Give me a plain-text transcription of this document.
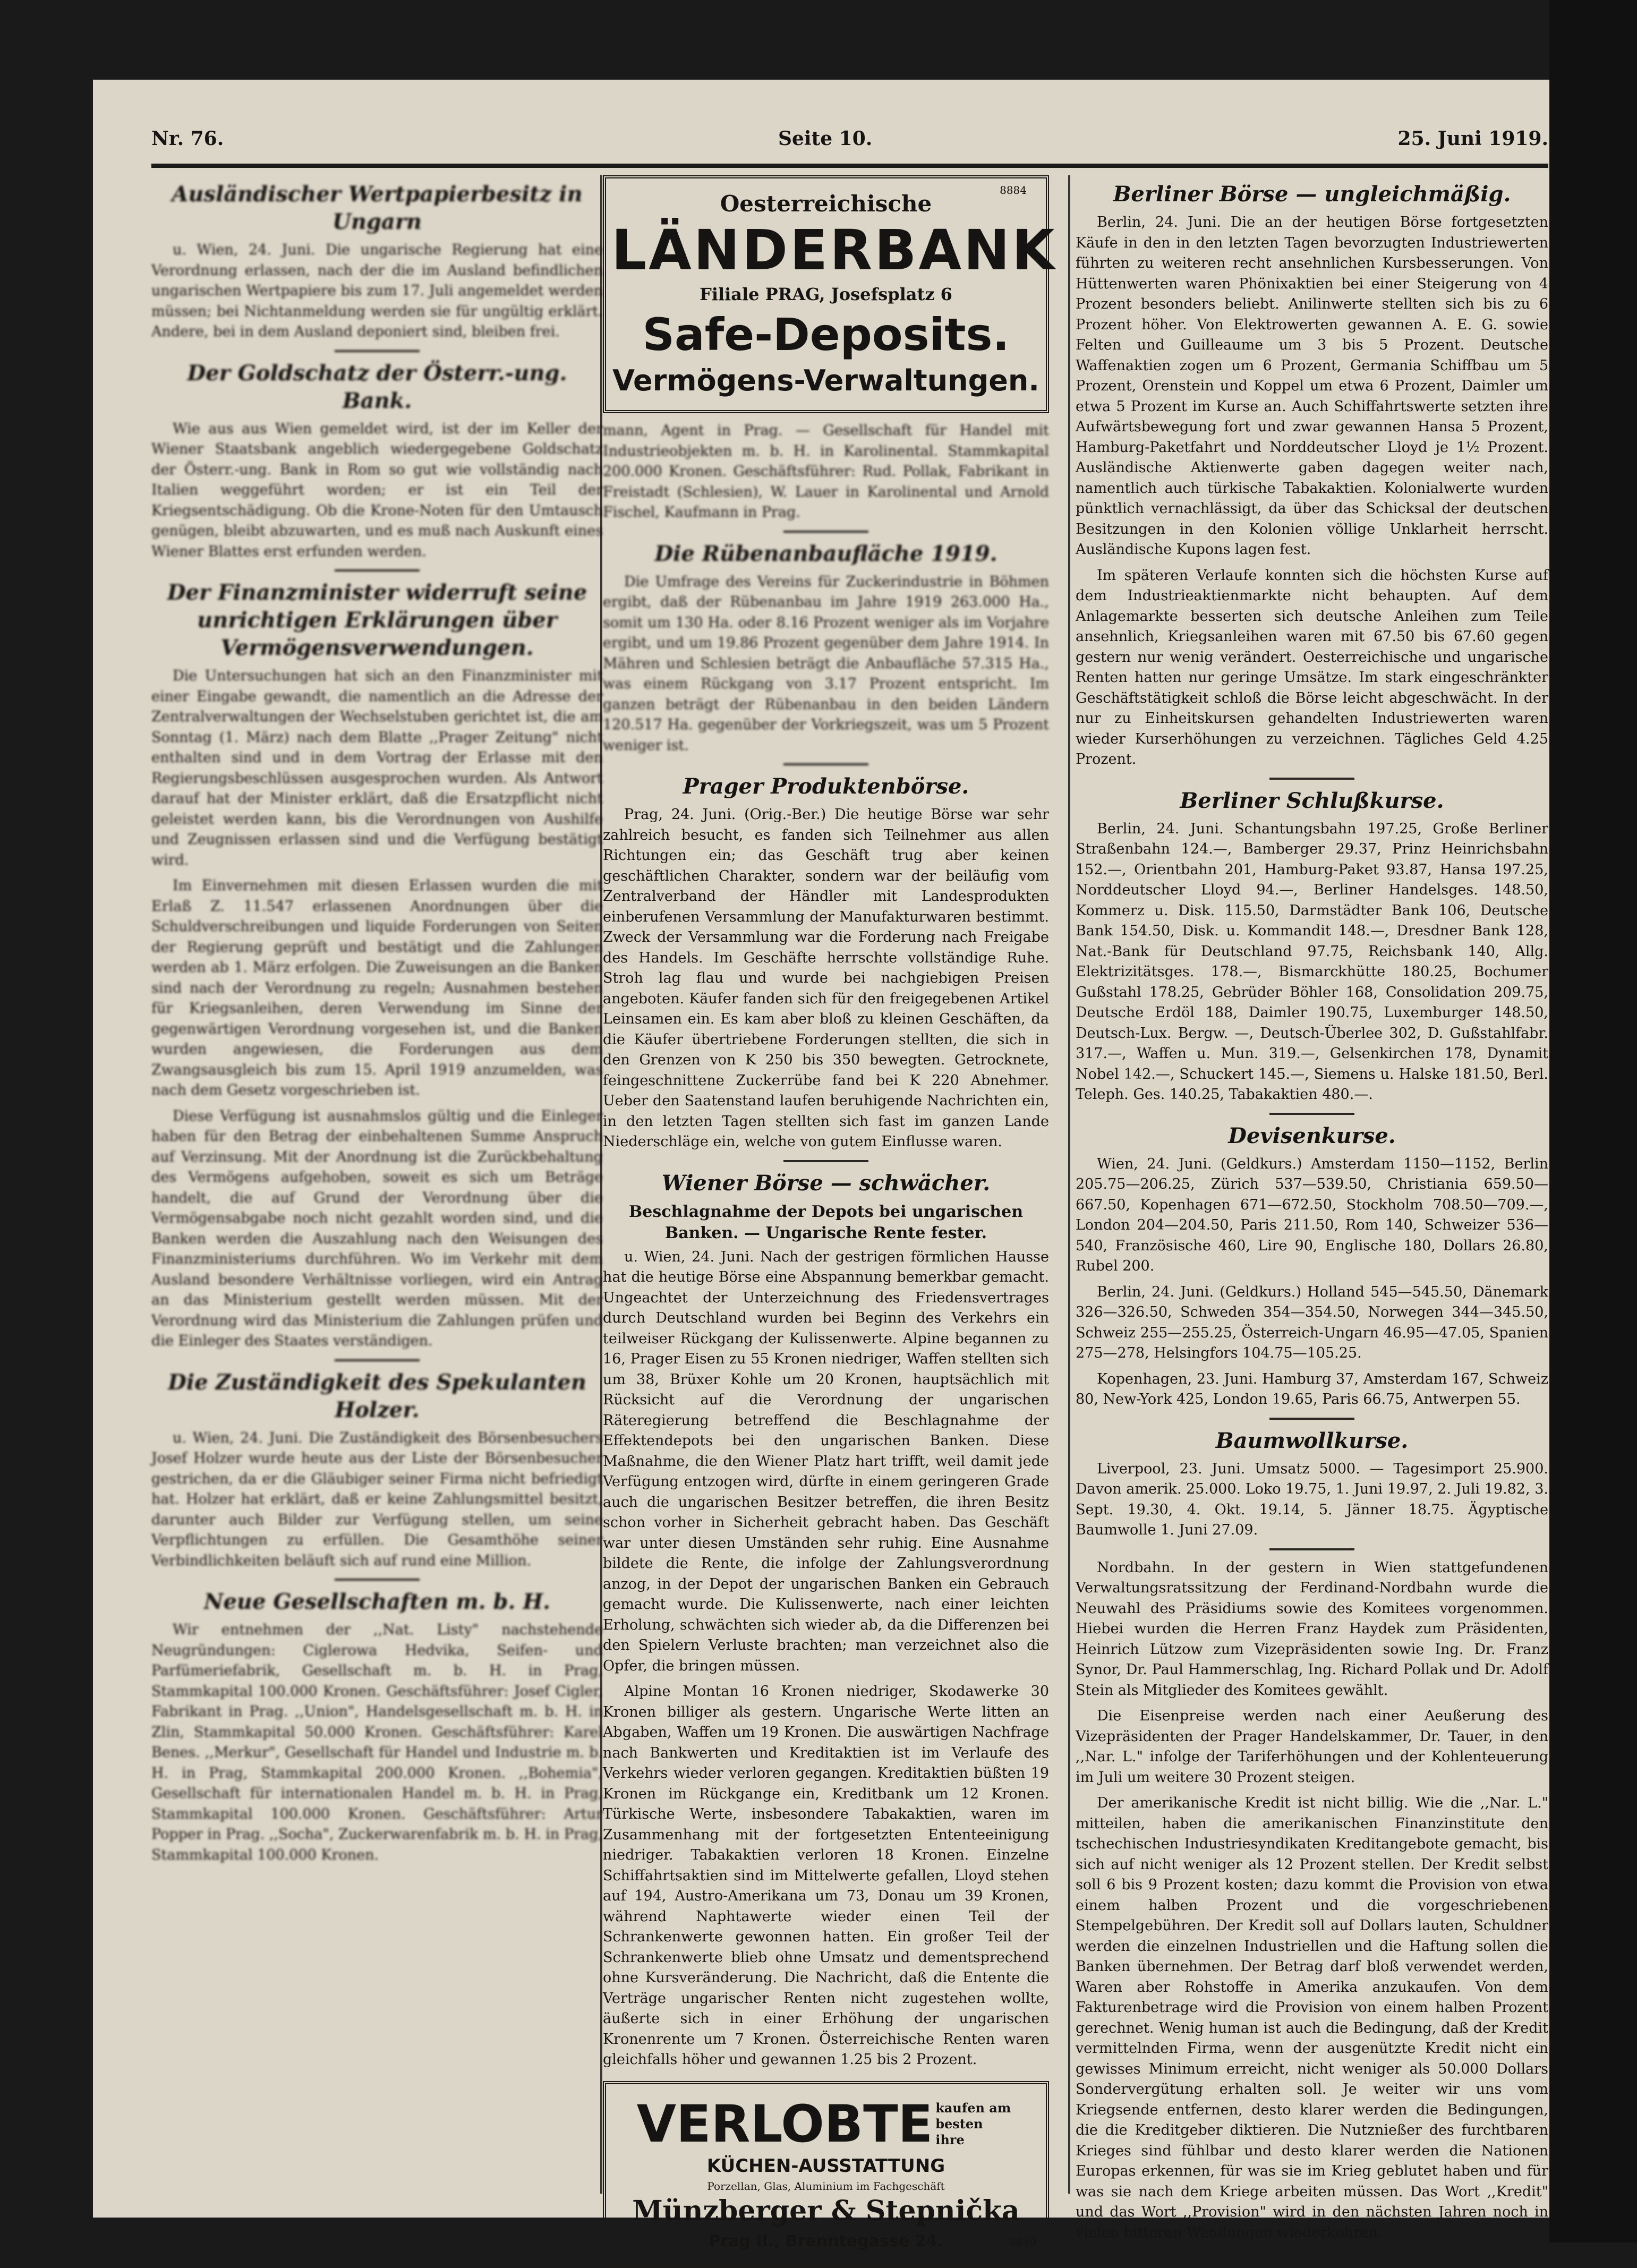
Nr. 76.	Seite 10.	25. Juni 1919.
Ausländischer Wertpapierbesitz in Ungarn

u. Wien, 24. Juni. Die ungarische Regierung hat eine Verordnung erlassen, nach der die im Ausland befindlichen ungarischen Wertpapiere bis zum 17. Juli angemeldet werden müssen; bei Nichtanmeldung werden sie für ungültig erklärt. Andere, bei in dem Ausland deponiert sind, bleiben frei.

Der Goldschatz der Österr.-ung. Bank.

Wie aus aus Wien gemeldet wird, ist der im Keller der Wiener Staatsbank angeblich wiedergegebene Goldschatz der Österr.-ung. Bank in Rom so gut wie vollständig nach Italien weggeführt worden; er ist ein Teil der Kriegsentschädigung. Ob die Krone-Noten für den Umtausch genügen, bleibt abzuwarten, und es muß nach Auskunft eines Wiener Blattes erst erfunden werden.

Der Finanzminister widerruft seine unrichtigen Erklärungen über Vermögensverwendungen.

Die Untersuchungen hat sich an den Finanzminister mit einer Eingabe gewandt, die namentlich an die Adresse der Zentralverwaltungen der Wechselstuben gerichtet ist, die am Sonntag (1. März) nach dem Blatte ,,Prager Zeitung" nicht enthalten sind und in dem Vortrag der Erlasse mit den Regierungsbeschlüssen ausgesprochen wurden. Als Antwort darauf hat der Minister erklärt, daß die Ersatzpflicht nicht geleistet werden kann, bis die Verordnungen von Aushilfe und Zeugnissen erlassen sind und die Verfügung bestätigt wird.

Im Einvernehmen mit diesen Erlassen wurden die mit Erlaß Z. 11.547 erlassenen Anordnungen über die Schuldverschreibungen und liquide Forderungen von Seiten der Regierung geprüft und bestätigt und die Zahlungen werden ab 1. März erfolgen. Die Zuweisungen an die Banken sind nach der Verordnung zu regeln; Ausnahmen bestehen für Kriegsanleihen, deren Verwendung im Sinne der gegenwärtigen Verordnung vorgesehen ist, und die Banken wurden angewiesen, die Forderungen aus dem Zwangsausgleich bis zum 15. April 1919 anzumelden, was nach dem Gesetz vorgeschrieben ist.

Diese Verfügung ist ausnahmslos gültig und die Einleger haben für den Betrag der einbehaltenen Summe Anspruch auf Verzinsung. Mit der Anordnung ist die Zurückbehaltung des Vermögens aufgehoben, soweit es sich um Beträge handelt, die auf Grund der Verordnung über die Vermögensabgabe noch nicht gezahlt worden sind, und die Banken werden die Auszahlung nach den Weisungen des Finanzministeriums durchführen. Wo im Verkehr mit dem Ausland besondere Verhältnisse vorliegen, wird ein Antrag an das Ministerium gestellt werden müssen. Mit der Verordnung wird das Ministerium die Zahlungen prüfen und die Einleger des Staates verständigen.

Die Zuständigkeit des Spekulanten Holzer.

u. Wien, 24. Juni. Die Zuständigkeit des Börsenbesuchers Josef Holzer wurde heute aus der Liste der Börsenbesucher gestrichen, da er die Gläubiger seiner Firma nicht befriedigt hat. Holzer hat erklärt, daß er keine Zahlungsmittel besitzt, darunter auch Bilder zur Verfügung stellen, um seine Verpflichtungen zu erfüllen. Die Gesamthöhe seiner Verbindlichkeiten beläuft sich auf rund eine Million.

Neue Gesellschaften m. b. H.

Wir entnehmen der ,,Nat. Listy" nachstehende Neugründungen: Ciglerowa Hedvika, Seifen- und Parfümeriefabrik, Gesellschaft m. b. H. in Prag, Stammkapital 100.000 Kronen. Geschäftsführer: Josef Cigler, Fabrikant in Prag. ,,Union", Handelsgesellschaft m. b. H. in Zlin, Stammkapital 50.000 Kronen. Geschäftsführer: Karel Benes. ,,Merkur", Gesellschaft für Handel und Industrie m. b. H. in Prag, Stammkapital 200.000 Kronen. ,,Bohemia", Gesellschaft für internationalen Handel m. b. H. in Prag, Stammkapital 100.000 Kronen. Geschäftsführer: Artur Popper in Prag. ,,Socha", Zuckerwarenfabrik m. b. H. in Prag, Stammkapital 100.000 Kronen.

8884
Oesterreichische
LÄNDERBANK
Filiale PRAG, Josefsplatz 6
Safe-Deposits.
Vermögens-Verwaltungen.

mann, Agent in Prag. — Gesellschaft für Handel mit Industrieobjekten m. b. H. in Karolinental. Stammkapital 200.000 Kronen. Geschäftsführer: Rud. Pollak, Fabrikant in Freistadt (Schlesien), W. Lauer in Karolinental und Arnold Fischel, Kaufmann in Prag.

Die Rübenanbaufläche 1919.

Die Umfrage des Vereins für Zuckerindustrie in Böhmen ergibt, daß der Rübenanbau im Jahre 1919 263.000 Ha., somit um 130 Ha. oder 8.16 Prozent weniger als im Vorjahre ergibt, und um 19.86 Prozent gegenüber dem Jahre 1914. In Mähren und Schlesien beträgt die Anbaufläche 57.315 Ha., was einem Rückgang von 3.17 Prozent entspricht. Im ganzen beträgt der Rübenanbau in den beiden Ländern 120.517 Ha. gegenüber der Vorkriegszeit, was um 5 Prozent weniger ist.

Prager Produktenbörse.

Prag, 24. Juni. (Orig.-Ber.) Die heutige Börse war sehr zahlreich besucht, es fanden sich Teilnehmer aus allen Richtungen ein; das Geschäft trug aber keinen geschäftlichen Charakter, sondern war der beiläufig vom Zentralverband der Händler mit Landesprodukten einberufenen Versammlung der Manufakturwaren bestimmt. Zweck der Versammlung war die Forderung nach Freigabe des Handels. Im Geschäfte herrschte vollständige Ruhe. Stroh lag flau und wurde bei nachgiebigen Preisen angeboten. Käufer fanden sich für den freigegebenen Artikel Leinsamen ein. Es kam aber bloß zu kleinen Geschäften, da die Käufer übertriebene Forderungen stellten, die sich in den Grenzen von K 250 bis 350 bewegten. Getrocknete, feingeschnittene Zuckerrübe fand bei K 220 Abnehmer. Ueber den Saatenstand laufen beruhigende Nachrichten ein, in den letzten Tagen stellten sich fast im ganzen Lande Niederschläge ein, welche von gutem Einflusse waren.

Wiener Börse — schwächer.
Beschlagnahme der Depots bei ungarischen Banken. — Ungarische Rente fester.

u. Wien, 24. Juni. Nach der gestrigen förmlichen Hausse hat die heutige Börse eine Abspannung bemerkbar gemacht. Ungeachtet der Unterzeichnung des Friedensvertrages durch Deutschland wurden bei Beginn des Verkehrs ein teilweiser Rückgang der Kulissenwerte. Alpine begannen zu 16, Prager Eisen zu 55 Kronen niedriger, Waffen stellten sich um 38, Brüxer Kohle um 20 Kronen, hauptsächlich mit Rücksicht auf die Verordnung der ungarischen Räteregierung betreffend die Beschlagnahme der Effektendepots bei den ungarischen Banken. Diese Maßnahme, die den Wiener Platz hart trifft, weil damit jede Verfügung entzogen wird, dürfte in einem geringeren Grade auch die ungarischen Besitzer betreffen, die ihren Besitz schon vorher in Sicherheit gebracht haben. Das Geschäft war unter diesen Umständen sehr ruhig. Eine Ausnahme bildete die Rente, die infolge der Zahlungsverordnung anzog, in der Depot der ungarischen Banken ein Gebrauch gemacht wurde. Die Kulissenwerte, nach einer leichten Erholung, schwächten sich wieder ab, da die Differenzen bei den Spielern Verluste brachten; man verzeichnet also die Opfer, die bringen müssen.

Alpine Montan 16 Kronen niedriger, Skodawerke 30 Kronen billiger als gestern. Ungarische Werte litten an Abgaben, Waffen um 19 Kronen. Die auswärtigen Nachfrage nach Bankwerten und Kreditaktien ist im Verlaufe des Verkehrs wieder verloren gegangen. Kreditaktien büßten 19 Kronen im Rückgange ein, Kreditbank um 12 Kronen. Türkische Werte, insbesondere Tabakaktien, waren im Zusammenhang mit der fortgesetzten Ententeeinigung niedriger. Tabakaktien verloren 18 Kronen. Einzelne Schiffahrtsaktien sind im Mittelwerte gefallen, Lloyd stehen auf 194, Austro-Amerikana um 73, Donau um 39 Kronen, während Naphtawerte wieder einen Teil der Schrankenwerte gewonnen hatten. Ein großer Teil der Schrankenwerte blieb ohne Umsatz und dementsprechend ohne Kursveränderung. Die Nachricht, daß die Entente die Verträge ungarischer Renten nicht zugestehen wollte, äußerte sich in einer Erhöhung der ungarischen Kronenrente um 7 Kronen. Österreichische Renten waren gleichfalls höher und gewannen 1.25 bis 2 Prozent.

VERLOBTE kaufen am besten ihre
KÜCHEN-AUSSTATTUNG
Porzellan, Glas, Aluminium im Fachgeschäft
Münzberger & Stepnička
Prag II., Brenntegasse 24.	8849
Berliner Börse — ungleichmäßig.

Berlin, 24. Juni. Die an der heutigen Börse fortgesetzten Käufe in den in den letzten Tagen bevorzugten Industriewerten führten zu weiteren recht ansehnlichen Kursbesserungen. Von Hüttenwerten waren Phönixaktien bei einer Steigerung von 4 Prozent besonders beliebt. Anilinwerte stellten sich bis zu 6 Prozent höher. Von Elektrowerten gewannen A. E. G. sowie Felten und Guilleaume um 3 bis 5 Prozent. Deutsche Waffenaktien zogen um 6 Prozent, Germania Schiffbau um 5 Prozent, Orenstein und Koppel um etwa 6 Prozent, Daimler um etwa 5 Prozent im Kurse an. Auch Schiffahrtswerte setzten ihre Aufwärtsbewegung fort und zwar gewannen Hansa 5 Prozent, Hamburg-Paketfahrt und Norddeutscher Lloyd je 1½ Prozent. Ausländische Aktienwerte gaben dagegen weiter nach, namentlich auch türkische Tabakaktien. Kolonialwerte wurden pünktlich vernachlässigt, da über das Schicksal der deutschen Besitzungen in den Kolonien völlige Unklarheit herrscht. Ausländische Kupons lagen fest.

Im späteren Verlaufe konnten sich die höchsten Kurse auf dem Industrieaktienmarkte nicht behaupten. Auf dem Anlagemarkte besserten sich deutsche Anleihen zum Teile ansehnlich, Kriegsanleihen waren mit 67.50 bis 67.60 gegen gestern nur wenig verändert. Oesterreichische und ungarische Renten hatten nur geringe Umsätze. Im stark eingeschränkter Geschäftstätigkeit schloß die Börse leicht abgeschwächt. In der nur zu Einheitskursen gehandelten Industriewerten waren wieder Kurserhöhungen zu verzeichnen. Tägliches Geld 4.25 Prozent.

Berliner Schlußkurse.

Berlin, 24. Juni. Schantungsbahn 197.25, Große Berliner Straßenbahn 124.—, Bamberger 29.37, Prinz Heinrichsbahn 152.—, Orientbahn 201, Hamburg-Paket 93.87, Hansa 197.25, Norddeutscher Lloyd 94.—, Berliner Handelsges. 148.50, Kommerz u. Disk. 115.50, Darmstädter Bank 106, Deutsche Bank 154.50, Disk. u. Kommandit 148.—, Dresdner Bank 128, Nat.-Bank für Deutschland 97.75, Reichsbank 140, Allg. Elektrizitätsges. 178.—, Bismarckhütte 180.25, Bochumer Gußstahl 178.25, Gebrüder Böhler 168, Consolidation 209.75, Deutsche Erdöl 188, Daimler 190.75, Luxemburger 148.50, Deutsch-Lux. Bergw. —, Deutsch-Überlee 302, D. Gußstahlfabr. 317.—, Waffen u. Mun. 319.—, Gelsenkirchen 178, Dynamit Nobel 142.—, Schuckert 145.—, Siemens u. Halske 181.50, Berl. Teleph. Ges. 140.25, Tabakaktien 480.—.

Devisenkurse.

Wien, 24. Juni. (Geldkurs.) Amsterdam 1150—1152, Berlin 205.75—206.25, Zürich 537—539.50, Christiania 659.50—667.50, Kopenhagen 671—672.50, Stockholm 708.50—709.—, London 204—204.50, Paris 211.50, Rom 140, Schweizer 536—540, Französische 460, Lire 90, Englische 180, Dollars 26.80, Rubel 200.

Berlin, 24. Juni. (Geldkurs.) Holland 545—545.50, Dänemark 326—326.50, Schweden 354—354.50, Norwegen 344—345.50, Schweiz 255—255.25, Österreich-Ungarn 46.95—47.05, Spanien 275—278, Helsingfors 104.75—105.25.

Kopenhagen, 23. Juni. Hamburg 37, Amsterdam 167, Schweiz 80, New-York 425, London 19.65, Paris 66.75, Antwerpen 55.

Baumwollkurse.

Liverpool, 23. Juni. Umsatz 5000. — Tagesimport 25.900. Davon amerik. 25.000. Loko 19.75, 1. Juni 19.97, 2. Juli 19.82, 3. Sept. 19.30, 4. Okt. 19.14, 5. Jänner 18.75. Ägyptische Baumwolle 1. Juni 27.09.

Nordbahn. In der gestern in Wien stattgefundenen Verwaltungsratssitzung der Ferdinand-Nordbahn wurde die Neuwahl des Präsidiums sowie des Komitees vorgenommen. Hiebei wurden die Herren Franz Haydek zum Präsidenten, Heinrich Lützow zum Vizepräsidenten sowie Ing. Dr. Franz Synor, Dr. Paul Hammerschlag, Ing. Richard Pollak und Dr. Adolf Stein als Mitglieder des Komitees gewählt.

Die Eisenpreise werden nach einer Aeußerung des Vizepräsidenten der Prager Handelskammer, Dr. Tauer, in den ,,Nar. L." infolge der Tariferhöhungen und der Kohlenteuerung im Juli um weitere 30 Prozent steigen.

Der amerikanische Kredit ist nicht billig. Wie die ,,Nar. L." mitteilen, haben die amerikanischen Finanzinstitute den tschechischen Industriesyndikaten Kreditangebote gemacht, bis sich auf nicht weniger als 12 Prozent stellen. Der Kredit selbst soll 6 bis 9 Prozent kosten; dazu kommt die Provision von etwa einem halben Prozent und die vorgeschriebenen Stempelgebühren. Der Kredit soll auf Dollars lauten, Schuldner werden die einzelnen Industriellen und die Haftung sollen die Banken übernehmen. Der Betrag darf bloß verwendet werden, Waren aber Rohstoffe in Amerika anzukaufen. Von dem Fakturenbetrage wird die Provision von einem halben Prozent gerechnet. Wenig human ist auch die Bedingung, daß der Kredit vermittelnden Firma, wenn der ausgenützte Kredit nicht ein gewisses Minimum erreicht, nicht weniger als 50.000 Dollars Sondervergütung erhalten soll. Je weiter wir uns vom Kriegsende entfernen, desto klarer werden die Bedingungen, die die Kreditgeber diktieren. Die Nutznießer des furchtbaren Krieges sind fühlbar und desto klarer werden die Nationen Europas erkennen, für was sie im Krieg geblutet haben und für was sie nach dem Kriege arbeiten müssen. Das Wort ,,Kredit" und das Wort ,,Provision" wird in den nächsten Jahren noch in vielen bitteren Wendungen wiederkehren.
